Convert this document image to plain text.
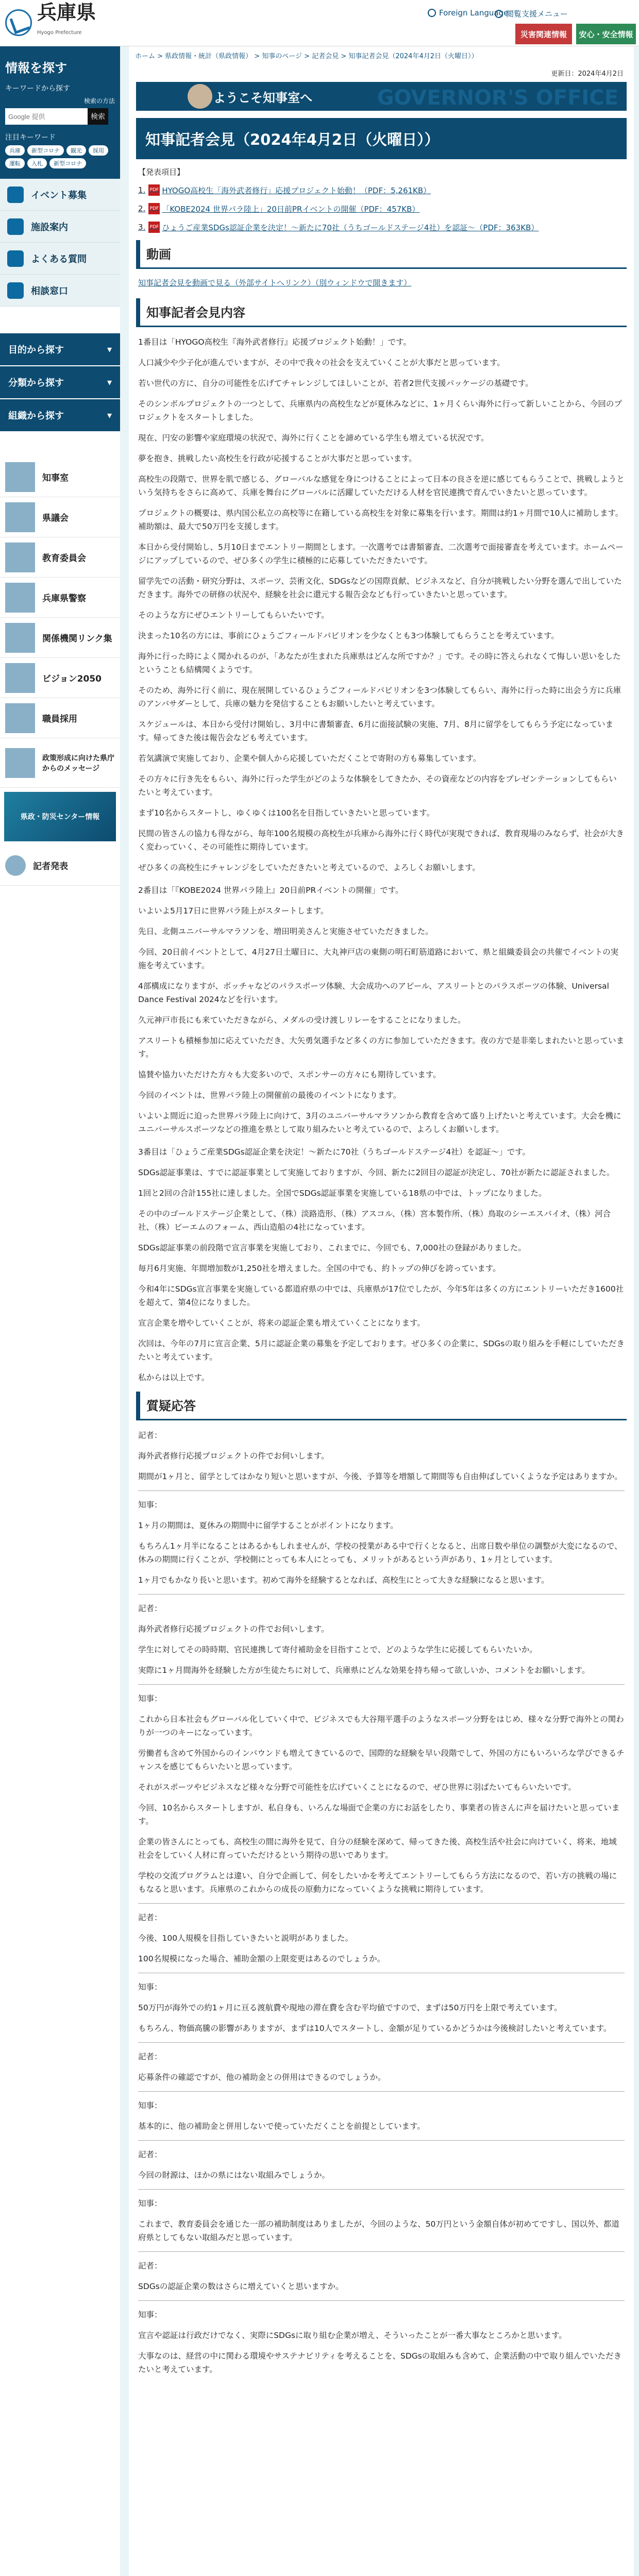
兵庫県
Hyogo Prefecture
Foreign Language
閲覧支援メニュー
災害関連情報 安心・安全情報
情報を探す
キーワードから探す
検索の方法
Google 提供
検索
注目キーワード
兵庫	新型コロナ	観光	採用
運転	入札	新型コロナ
イベント募集
施設案内
よくある質問
相談窓口
目的から探す	▾
分類から探す	▾
組織から探す	▾
知事室
県議会
教育委員会
兵庫県警察
関係機関リンク集
ビジョン2050
職員採用
政策形成に向けた県庁からのメッセージ
県政・防災センター情報
記者発表
ホーム > 県政情報・統計（県政情報） > 知事のページ > 記者会見 > 知事記者会見（2024年4月2日（火曜日））
更新日：2024年4月2日
ようこそ知事室へ	GOVERNOR'S OFFICE
知事記者会見（2024年4月2日（火曜日））
【発表項目】
1. PDF HYOGO高校生「海外武者修行」応援プロジェクト始動！（PDF：5,261KB）
2. PDF 「KOBE2024 世界パラ陸上」20日前PRイベントの開催（PDF：457KB）
3. PDF ひょうご産業SDGs認証企業を決定！〜新たに70社（うちゴールドステージ4社）を認証〜（PDF：363KB）
動画
知事記者会見を動画で見る（外部サイトへリンク）（別ウィンドウで開きます）
知事記者会見内容

1番目は「HYOGO高校生『海外武者修行』応援プロジェクト始動！」です。

人口減少や少子化が進んでいますが、その中で我々の社会を支えていくことが大事だと思っています。

若い世代の方に、自分の可能性を広げてチャレンジしてほしいことが、若者2世代支援パッケージの基礎です。

そのシンボルプロジェクトの一つとして、兵庫県内の高校生などが夏休みなどに、1ヶ月くらい海外に行って新しいことから、今回のプロジェクトをスタートしました。

現在、円安の影響や家庭環境の状況で、海外に行くことを諦めている学生も増えている状況です。

夢を抱き、挑戦したい高校生を行政が応援することが大事だと思っています。

高校生の段階で、世界を肌で感じる、グローバルな感覚を身につけることによって日本の良さを逆に感じてもらうことで、挑戦しようという気持ちをさらに高めて、兵庫を舞台にグローバルに活躍していただける人材を官民連携で育んでいきたいと思っています。

プロジェクトの概要は、県内国公私立の高校等に在籍している高校生を対象に募集を行います。期間は約1ヶ月間で10人に補助します。補助額は、最大で50万円を支援します。

本日から受付開始し、5月10日までエントリー期間とします。一次選考では書類審査、二次選考で面接審査を考えています。ホームページにアップしているので、ぜひ多くの学生に積極的に応募していただきたいです。

留学先での活動・研究分野は、スポーツ、芸術文化、SDGsなどの国際貢献、ビジネスなど、自分が挑戦したい分野を選んで出していただきます。海外での研修の状況や、経験を社会に還元する報告会なども行っていきたいと思っています。

そのような方にぜひエントリーしてもらいたいです。

決まった10名の方には、事前にひょうごフィールドパビリオンを少なくとも3つ体験してもらうことを考えています。

海外に行った時によく聞かれるのが、「あなたが生まれた兵庫県はどんな所ですか？」です。その時に答えられなくて悔しい思いをしたということも結構聞くようです。

そのため、海外に行く前に、現在展開しているひょうごフィールドパビリオンを3つ体験してもらい、海外に行った時に出会う方に兵庫のアンバサダーとして、兵庫の魅力を発信することもお願いしたいと考えています。

スケジュールは、本日から受付け開始し、3月中に書類審査、6月に面接試験の実施、7月、8月に留学をしてもらう予定になっています。帰ってきた後は報告会なども考えています。

若気講演で実施しており、企業や個人から応援していただくことで寄附の方も募集しています。

その方々に行き先をもらい、海外に行った学生がどのような体験をしてきたか、その資産などの内容をプレゼンテーションしてもらいたいと考えています。

まず10名からスタートし、ゆくゆくは100名を目指していきたいと思っています。

民間の皆さんの協力も得ながら、毎年100名規模の高校生が兵庫から海外に行く時代が実現できれば、教育現場のみならず、社会が大きく変わっていく、その可能性に期待しています。

ぜひ多くの高校生にチャレンジをしていただきたいと考えているので、よろしくお願いします。

2番目は「『KOBE2024 世界パラ陸上』20日前PRイベントの開催」です。

いよいよ5月17日に世界パラ陸上がスタートします。

先日、北側ユニバーサルマラソンを、増田明美さんと実施させていただきました。

今回、20日前イベントとして、4月27日土曜日に、大丸神戸店の東側の明石町筋道路において、県と組織委員会の共催でイベントの実施を考えています。

4部構成になりますが、ボッチャなどのパラスポーツ体験、大会成功へのアピール、アスリートとのパラスポーツの体験、Universal Dance Festival 2024などを行います。

久元神戸市長にも来ていただきながら、メダルの受け渡しリレーをすることになりました。

アスリートも積極参加に応えていただき、大矢勇気選手など多くの方に参加していただきます。夜の方で是非楽しまれたいと思っています。

協賛や協力いただけた方々も大変多いので、スポンサーの方々にも期待しています。

今回のイベントは、世界パラ陸上の開催前の最後のイベントになります。

いよいよ間近に迫った世界パラ陸上に向けて、3月のユニバーサルマラソンから教育を含めて盛り上げたいと考えています。大会を機にユニバーサルスポーツなどの推進を県として取り組みたいと考えているので、よろしくお願いします。

3番目は「ひょうご産業SDGs認証企業を決定！〜新たに70社（うちゴールドステージ4社）を認証〜」です。

SDGs認証事業は、すでに認証事業として実施しておりますが、今回、新たに2回目の認証が決定し、70社が新たに認証されました。

1回と2回の合計155社に達しました。全国でSDGs認証事業を実施している18県の中では、トップになりました。

その中のゴールドステージ企業として、（株）淡路造形、（株）アスコル、（株）宮本製作所、（株）鳥取のシーエスバイオ、（株）河合社、（株）ビーエムのフォーム、西山造船の4社になっています。

SDGs認証事業の前段階で宣言事業を実施しており、これまでに、今回でも、7,000社の登録がありました。

毎月6月実施、年間増加数が1,250社を増えました。全国の中でも、約トップの伸びを誇っています。

今和4年にSDGs宣言事業を実施している都道府県の中では、兵庫県が17位でしたが、今年5年は多くの方にエントリーいただき1600社を超えて、第4位になりました。

宣言企業を増やしていくことが、将来の認証企業も増えていくことになります。

次回は、今年の7月に宣言企業、5月に認証企業の募集を予定しております。ぜひ多くの企業に、SDGsの取り組みを手軽にしていただきたいと考えています。

私からは以上です。

質疑応答

記者：

海外武者修行応援プロジェクトの件でお伺いします。

期間が1ヶ月と、留学としてはかなり短いと思いますが、今後、予算等を増額して期間等も自由伸ばしていくような予定はありますか。

知事：

1ヶ月の期間は、夏休みの期間中に留学することがポイントになります。

もちろん1ヶ月半になることはあるかもしれませんが、学校の授業がある中で行くとなると、出席日数や単位の調整が大変になるので、休みの期間に行くことが、学校側にとっても本人にとっても、メリットがあるという声があり、1ヶ月としています。

1ヶ月でもかなり長いと思います。初めて海外を経験するとなれば、高校生にとって大きな経験になると思います。

記者：

海外武者修行応援プロジェクトの件でお伺いします。

学生に対してその時時期、官民連携して寄付補助金を目指すことで、どのような学生に応援してもらいたいか。

実際に1ヶ月間海外を経験した方が生徒たちに対して、兵庫県にどんな効果を持ち帰って欲しいか、コメントをお願いします。

知事：

これから日本社会もグローバル化していく中で、ビジネスでも大谷翔平選手のようなスポーツ分野をはじめ、様々な分野で海外との関わりが一つのキーになっています。

労働者も含めて外国からのインバウンドも増えてきているので、国際的な経験を早い段階でして、外国の方にもいろいろな学びできるチャンスを感じてもらいたいと思っています。

それがスポーツやビジネスなど様々な分野で可能性を広げていくことになるので、ぜひ世界に羽ばたいてもらいたいです。

今回、10名からスタートしますが、私自身も、いろんな場面で企業の方にお話をしたり、事業者の皆さんに声を届けたいと思っています。

企業の皆さんにとっても、高校生の間に海外を見て、自分の経験を深めて、帰ってきた後、高校生活や社会に向けていく、将来、地域社会をしていく人材に育っていただけるという期待の思いであります。

学校の交流プログラムとは違い、自分で企画して、何をしたいかを考えてエントリーしてもらう方法になるので、若い方の挑戦の場にもなると思います。兵庫県のこれからの成長の原動力になっていくような挑戦に期待しています。

記者：

今後、100人規模を目指していきたいと説明がありました。

100名規模になった場合、補助金額の上限変更はあるのでしょうか。

知事：

50万円が海外での約1ヶ月に亘る渡航費や現地の滞在費を含む平均値ですので、まずは50万円を上限で考えています。

もちろん、物価高騰の影響がありますが、まずは10人でスタートし、金額が足りているかどうかは今後検討したいと考えています。

記者：

応募条件の確認ですが、他の補助金との併用はできるのでしょうか。

知事：

基本的に、他の補助金と併用しないで使っていただくことを前提としています。

記者：

今回の財源は、ほかの県にはない取組みでしょうか。

知事：

これまで、教育委員会を通じた一部の補助制度はありましたが、今回のような、50万円という金額自体が初めてですし、国以外、都道府県としてもない取組みだと思っています。

記者：

SDGsの認証企業の数はさらに増えていくと思いますか。

知事：

宣言や認証は行政だけでなく、実際にSDGsに取り組む企業が増え、そういったことが一番大事なところかと思います。

大事なのは、経営の中に関わる環境やサステナビリティを考えることを、SDGsの取組みも含めて、企業活動の中で取り組んでいただきたいと考えています。
